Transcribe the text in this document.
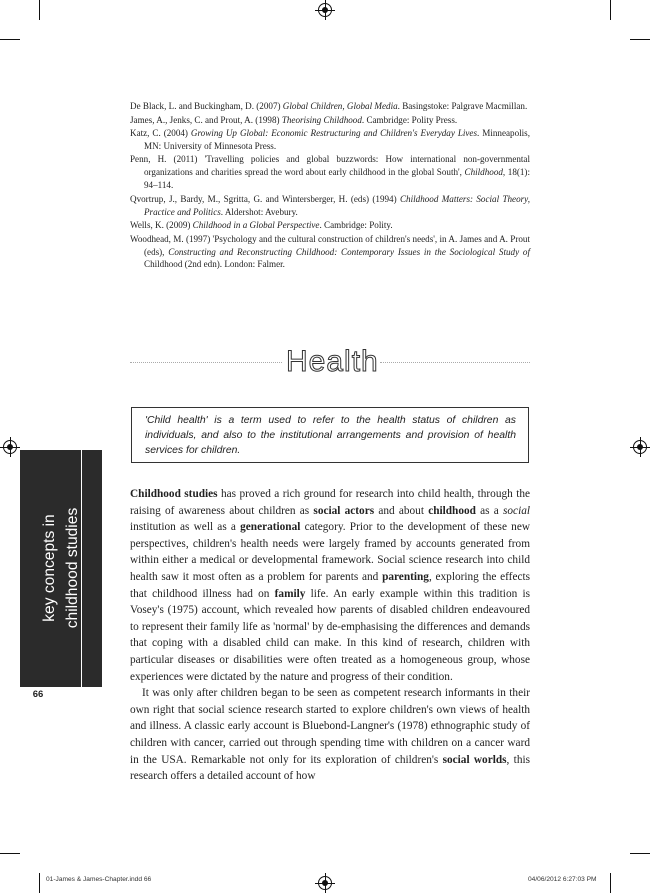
De Black, L. and Buckingham, D. (2007) Global Children, Global Media. Basingstoke: Palgrave Macmillan.
James, A., Jenks, C. and Prout, A. (1998) Theorising Childhood. Cambridge: Polity Press.
Katz, C. (2004) Growing Up Global: Economic Restructuring and Children's Everyday Lives. Minneapolis, MN: University of Minnesota Press.
Penn, H. (2011) 'Travelling policies and global buzzwords: How international non-governmental organizations and charities spread the word about early childhood in the global South', Childhood, 18(1): 94–114.
Qvortrup, J., Bardy, M., Sgritta, G. and Wintersberger, H. (eds) (1994) Childhood Matters: Social Theory, Practice and Politics. Aldershot: Avebury.
Wells, K. (2009) Childhood in a Global Perspective. Cambridge: Polity.
Woodhead, M. (1997) 'Psychology and the cultural construction of children's needs', in A. James and A. Prout (eds), Constructing and Reconstructing Childhood: Contemporary Issues in the Sociological Study of Childhood (2nd edn). London: Falmer.
Health
'Child health' is a term used to refer to the health status of children as individuals, and also to the institutional arrangements and provision of health services for children.
key concepts in childhood studies
66

Childhood studies has proved a rich ground for research into child health, through the raising of awareness about children as social actors and about childhood as a social institution as well as a generational category. Prior to the development of these new perspectives, children's health needs were largely framed by accounts generated from within either a medical or developmental framework. Social science research into child health saw it most often as a problem for parents and parenting, exploring the effects that childhood illness had on family life. An early example within this tradition is Vosey's (1975) account, which revealed how parents of disabled children endeavoured to represent their family life as 'normal' by de-emphasising the differences and demands that coping with a disabled child can make. In this kind of research, children with particular diseases or disabilities were often treated as a homogeneous group, whose experiences were dictated by the nature and progress of their condition.

It was only after children began to be seen as competent research informants in their own right that social science research started to explore children's own views of health and illness. A classic early account is Bluebond-Langner's (1978) ethnographic study of children with cancer, carried out through spending time with children on a cancer ward in the USA. Remarkable not only for its exploration of children's social worlds, this research offers a detailed account of how

01-James & James-Chapter.indd 66	04/06/2012 6:27:03 PM
